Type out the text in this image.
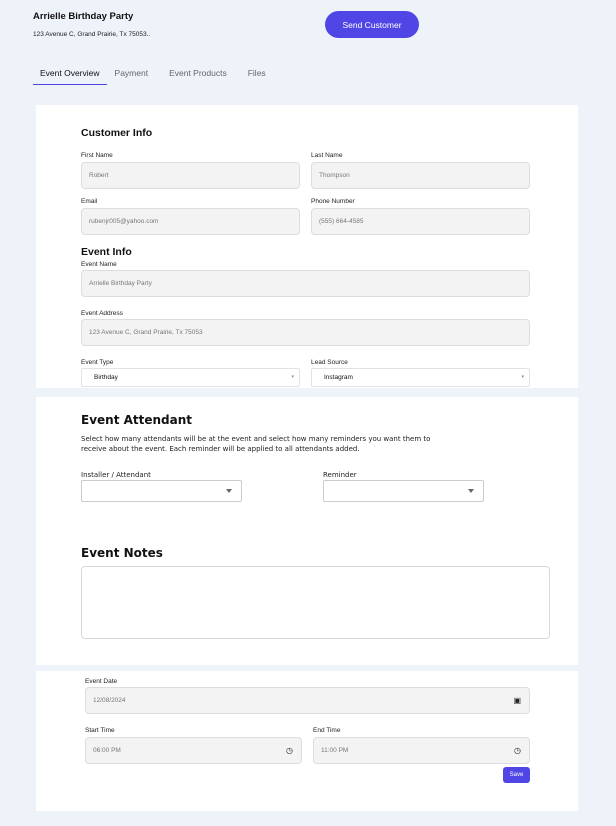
Arrielle Birthday Party
123 Avenue C, Grand Prairie, Tx 75053..
Send Customer
Event Overview	Payment	Event Products	Files
Customer Info
First Name
Robert
Last Name
Thompson
Email
rubenjr005@yahoo.com
Phone Number
(555) 664-4585
Event Info
Event Name
Arrielle Birthday Party
Event Address
123 Avenue C, Grand Prairie, Tx 75053
Event Type
Birthday	▾
Lead Source
Instagram	▾
Event Attendant
Select how many attendants will be at the event and select how many reminders you want them to receive about the event. Each reminder will be applied to all attendants added.
Installer / Attendant	Reminder
Event Notes
Event Date
12/08/2024	▣
Start Time
06:00 PM	◷
End Time
11:00 PM	◷
Save
